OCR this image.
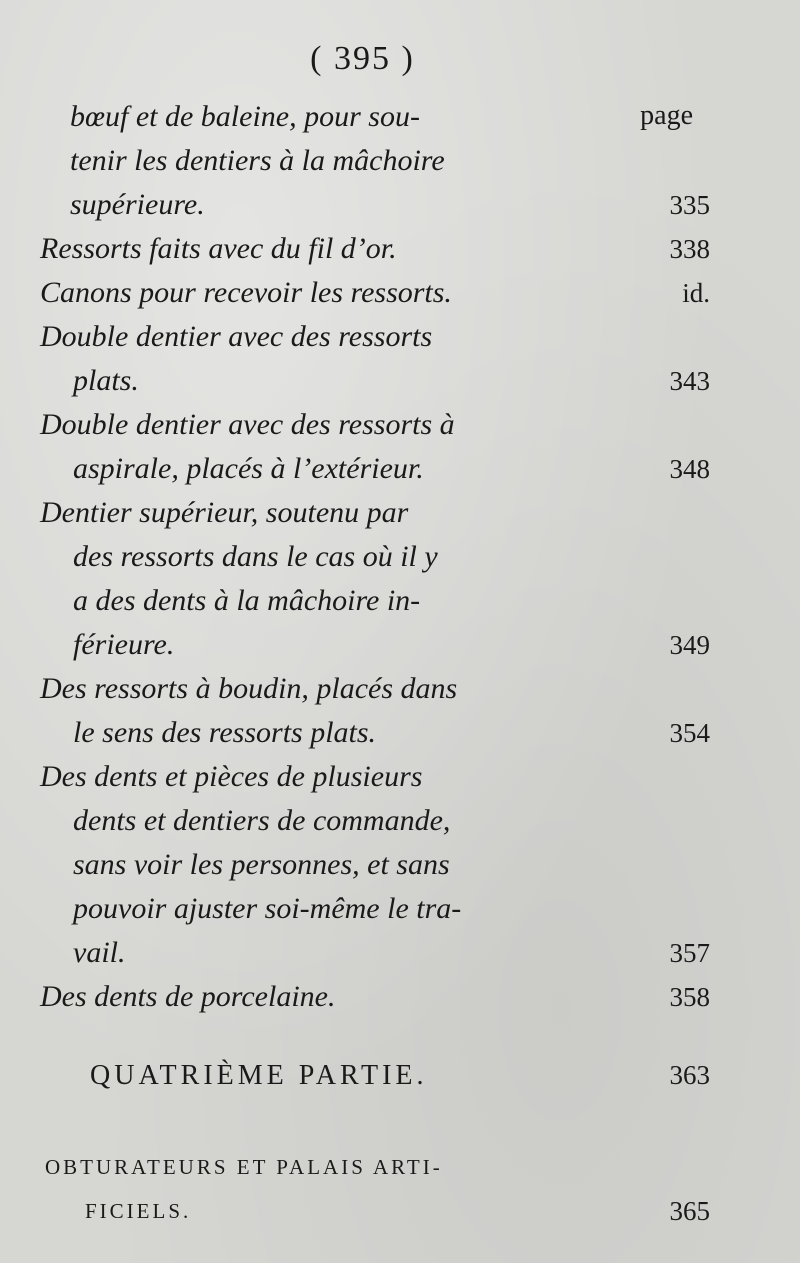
( 395 )
page
bœuf et de baleine, pour sou-
tenir les dentiers à la mâchoire
supérieure.	335
Ressorts faits avec du fil d’or.	338
Canons pour recevoir les ressorts.	id.
Double dentier avec des ressorts
plats.	343
Double dentier avec des ressorts à
aspirale, placés à l’extérieur.	348
Dentier supérieur, soutenu par
des ressorts dans le cas où il y
a des dents à la mâchoire in-
férieure.	349
Des ressorts à boudin, placés dans
le sens des ressorts plats.	354
Des dents et pièces de plusieurs
dents et dentiers de commande,
sans voir les personnes, et sans
pouvoir ajuster soi-même le tra-
vail.	357
Des dents de porcelaine.	358
QUATRIÈME PARTIE.	363
OBTURATEURS ET PALAIS ARTI-
FICIELS.	365
